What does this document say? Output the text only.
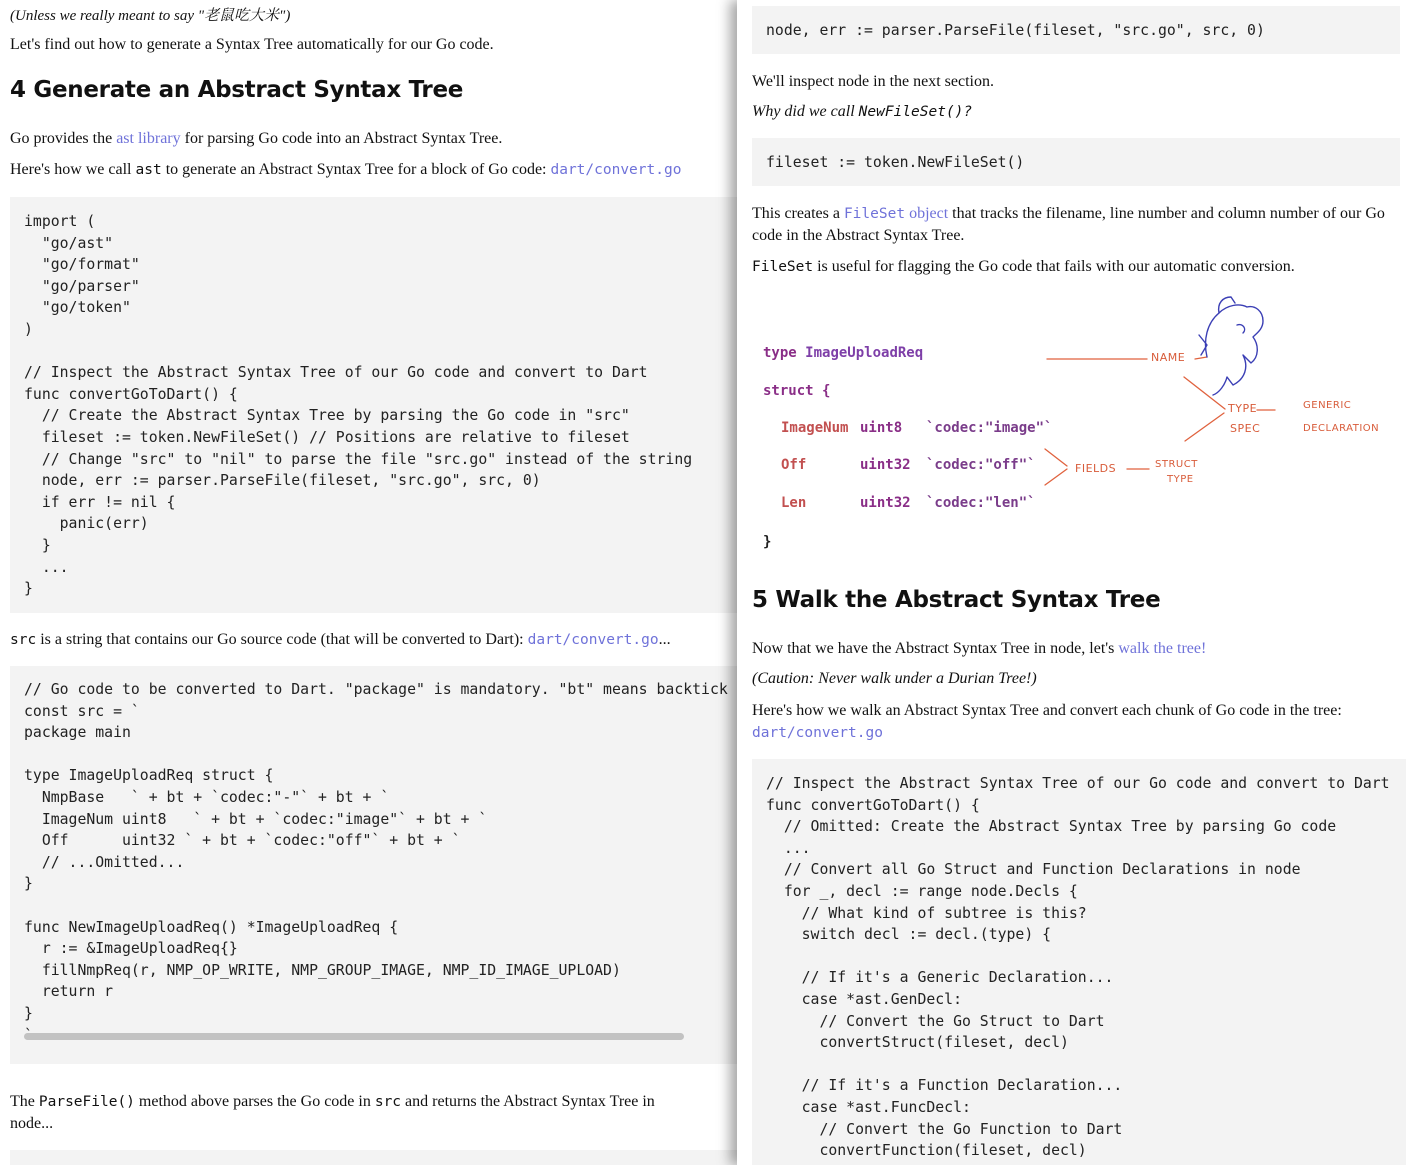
(Unless we really meant to say "老鼠吃大米")

Let's find out how to generate a Syntax Tree automatically for our Go code.

4 Generate an Abstract Syntax Tree

Go provides the ast library for parsing Go code into an Abstract Syntax Tree.

Here's how we call ast to generate an Abstract Syntax Tree for a block of Go code: dart/convert.go

import (
"go/ast"
"go/format"
"go/parser"
"go/token"
)

// Inspect the Abstract Syntax Tree of our Go code and convert to Dart
func convertGoToDart() {
// Create the Abstract Syntax Tree by parsing the Go code in "src"
fileset := token.NewFileSet() // Positions are relative to fileset
// Change "src" to "nil" to parse the file "src.go" instead of the string
node, err := parser.ParseFile(fileset, "src.go", src, 0)
if err != nil {
panic(err)
}
...
}

src is a string that contains our Go source code (that will be converted to Dart): dart/convert.go...

// Go code to be converted to Dart. "package" is mandatory. "bt" means backtick
const src = `
package main

type ImageUploadReq struct {
NmpBase   ` + bt + `codec:"-"` + bt + `
ImageNum uint8   ` + bt + `codec:"image"` + bt + `
Off      uint32 ` + bt + `codec:"off"` + bt + `
// ...Omitted...
}

func NewImageUploadReq() *ImageUploadReq {
r := &ImageUploadReq{}
fillNmpReq(r, NMP_OP_WRITE, NMP_GROUP_IMAGE, NMP_ID_IMAGE_UPLOAD)
return r
}

The ParseFile() method above parses the Go code in src and returns the Abstract Syntax Tree in
node...

node, err := parser.ParseFile(fileset, "src.go", src, 0)

We'll inspect node in the next section.

Why did we call NewFileSet()?

fileset := token.NewFileSet()

This creates a FileSet object that tracks the filename, line number and column number of our Go code in the Abstract Syntax Tree.

FileSet is useful for flagging the Go code that fails with our automatic conversion.

type ImageUploadReq
struct {
ImageNum uint8 `codec:"image"`
Off	uint32 `codec:"off"`
Len	uint32 `codec:"len"`
}
NAME
TYPE
SPEC
GENERIC
DECLARATION
FIELDS	STRUCT
TYPE
5 Walk the Abstract Syntax Tree

Now that we have the Abstract Syntax Tree in node, let's walk the tree!

(Caution: Never walk under a Durian Tree!)

Here's how we walk an Abstract Syntax Tree and convert each chunk of Go code in the tree:
dart/convert.go

// Inspect the Abstract Syntax Tree of our Go code and convert to Dart
func convertGoToDart() {
// Omitted: Create the Abstract Syntax Tree by parsing Go code
...
// Convert all Go Struct and Function Declarations in node
for _, decl := range node.Decls {
// What kind of subtree is this?
switch decl := decl.(type) {

// If it's a Generic Declaration...
case *ast.GenDecl:
// Convert the Go Struct to Dart
convertStruct(fileset, decl)

// If it's a Function Declaration...
case *ast.FuncDecl:
// Convert the Go Function to Dart
convertFunction(fileset, decl)
